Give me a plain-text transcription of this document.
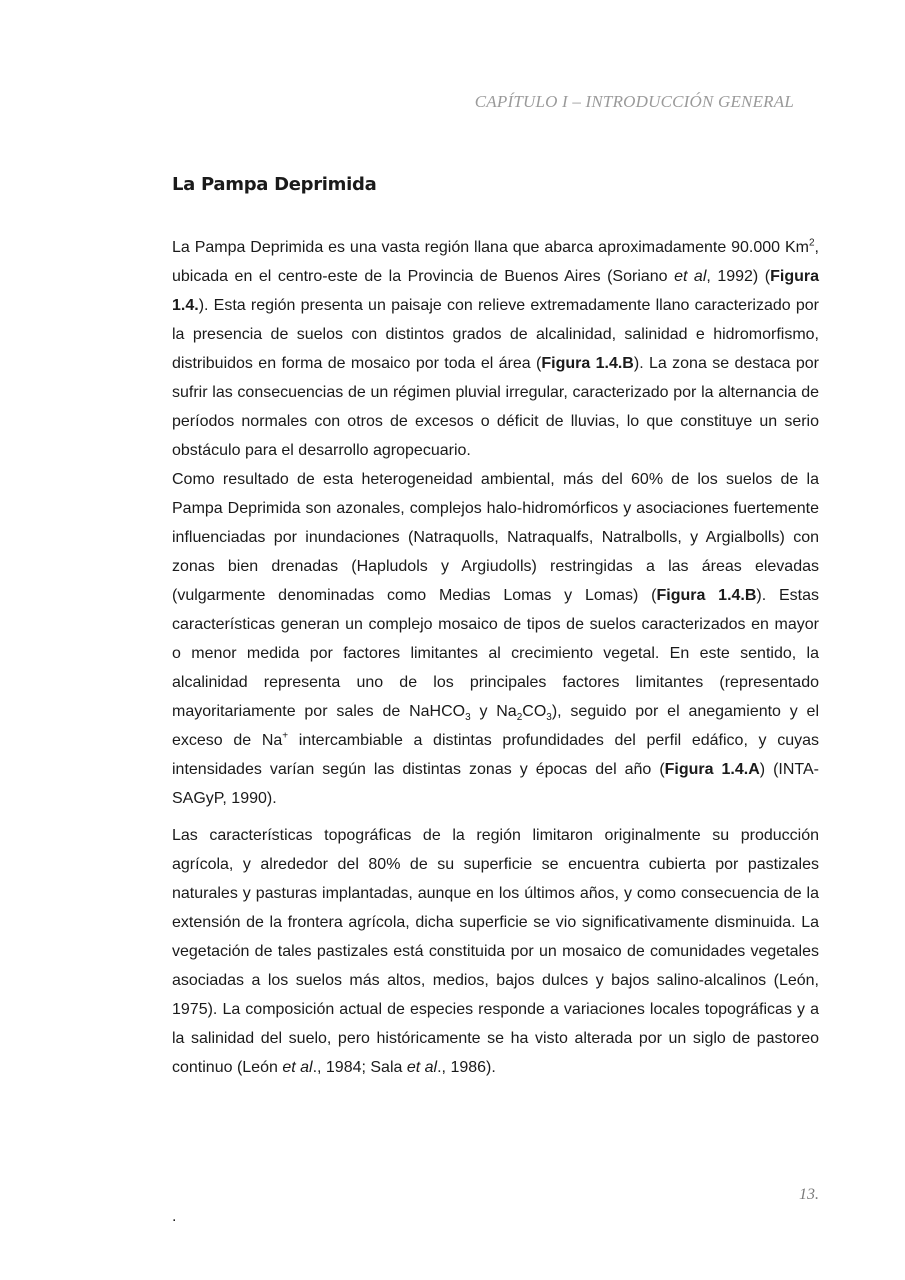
CAPÍTULO I – INTRODUCCIÓN GENERAL
La Pampa Deprimida

La Pampa Deprimida es una vasta región llana que abarca aproximadamente 90.000 Km$^2$, ubicada en el centro-este de la Provincia de Buenos Aires (Soriano et al, 1992) (Figura 1.4.). Esta región presenta un paisaje con relieve extremadamente llano caracterizado por la presencia de suelos con distintos grados de alcalinidad, salinidad e hidromorfismo, distribuidos en forma de mosaico por toda el área (Figura 1.4.B). La zona se destaca por sufrir las consecuencias de un régimen pluvial irregular, caracterizado por la alternancia de períodos normales con otros de excesos o déficit de lluvias, lo que constituye un serio obstáculo para el desarrollo agropecuario.

Como resultado de esta heterogeneidad ambiental, más del 60% de los suelos de la Pampa Deprimida son azonales, complejos halo-hidromórficos y asociaciones fuertemente influenciadas por inundaciones (Natraquolls, Natraqualfs, Natralbolls, y Argialbolls) con zonas bien drenadas (Hapludols y Argiudolls) restringidas a las áreas elevadas (vulgarmente denominadas como Medias Lomas y Lomas) (Figura 1.4.B). Estas características generan un complejo mosaico de tipos de suelos caracterizados en mayor o menor medida por factores limitantes al crecimiento vegetal. En este sentido, la alcalinidad representa uno de los principales factores limitantes (representado mayoritariamente por sales de NaHCO$_3$ y $Na_2CO_3$), seguido por el anegamiento y el exceso de Na+ intercambiable a distintas profundidades del perfil edáfico, y cuyas intensidades varían según las distintas zonas y épocas del año (Figura 1.4.A) (INTA-SAGyP, 1990).

Las características topográficas de la región limitaron originalmente su producción agrícola, y alrededor del 80% de su superficie se encuentra cubierta por pastizales naturales y pasturas implantadas, aunque en los últimos años, y como consecuencia de la extensión de la frontera agrícola, dicha superficie se vio significativamente disminuida. La vegetación de tales pastizales está constituida por un mosaico de comunidades vegetales asociadas a los suelos más altos, medios, bajos dulces y bajos salino-alcalinos (León, 1975). La composición actual de especies responde a variaciones locales topográficas y a la salinidad del suelo, pero históricamente se ha visto alterada por un siglo de pastoreo continuo (León et al., 1984; Sala et al., 1986).

13.
.
